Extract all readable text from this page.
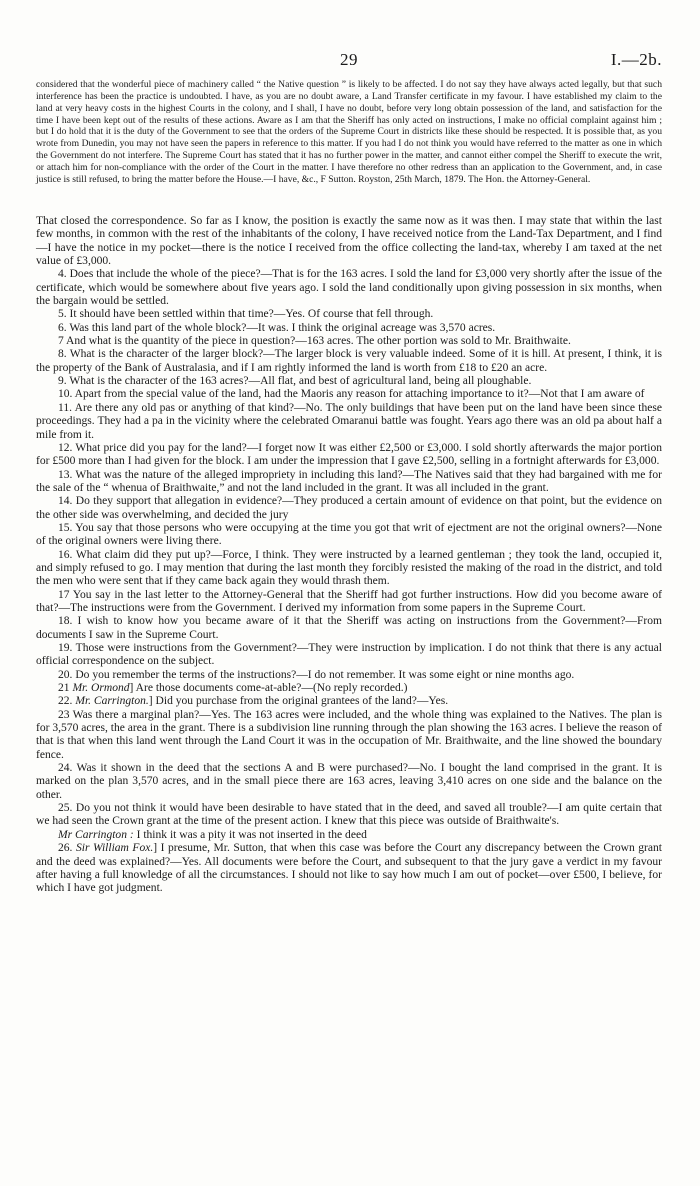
29	I.—2b.
considered that the wonderful piece of machinery called “ the Native question ” is likely to be affected. I do not say they have always acted legally, but that such interference has been the practice is undoubted. I have, as you are no doubt aware, a Land Transfer certificate in my favour. I have established my claim to the land at very heavy costs in the highest Courts in the colony, and I shall, I have no doubt, before very long obtain possession of the land, and satisfaction for the time I have been kept out of the results of these actions. Aware as I am that the Sheriff has only acted on instructions, I make no official complaint against him ; but I do hold that it is the duty of the Government to see that the orders of the Supreme Court in districts like these should be respected. It is possible that, as you wrote from Dunedin, you may not have seen the papers in reference to this matter. If you had I do not think you would have referred to the matter as one in which the Government do not interfere. The Supreme Court has stated that it has no further power in the matter, and cannot either compel the Sheriff to execute the writ, or attach him for non-compliance with the order of the Court in the matter. I have therefore no other redress than an application to the Government, and, in case justice is still refused, to bring the matter before the House.—I have, &c., F Sutton. Royston, 25th March, 1879. The Hon. the Attorney-General.

That closed the correspondence. So far as I know, the position is exactly the same now as it was then. I may state that within the last few months, in common with the rest of the inhabitants of the colony, I have received notice from the Land-Tax Department, and I find—I have the notice in my pocket—there is the notice I received from the office collecting the land-tax, whereby I am taxed at the net value of £3,000.

4. Does that include the whole of the piece?—That is for the 163 acres. I sold the land for £3,000 very shortly after the issue of the certificate, which would be somewhere about five years ago. I sold the land conditionally upon giving possession in six months, when the bargain would be settled.

5. It should have been settled within that time?—Yes. Of course that fell through.

6. Was this land part of the whole block?—It was. I think the original acreage was 3,570 acres.

7 And what is the quantity of the piece in question?—163 acres. The other portion was sold to Mr. Braithwaite.

8. What is the character of the larger block?—The larger block is very valuable indeed. Some of it is hill. At present, I think, it is the property of the Bank of Australasia, and if I am rightly informed the land is worth from £18 to £20 an acre.

9. What is the character of the 163 acres?—All flat, and best of agricultural land, being all ploughable.

10. Apart from the special value of the land, had the Maoris any reason for attaching importance to it?—Not that I am aware of

11. Are there any old pas or anything of that kind?—No. The only buildings that have been put on the land have been since these proceedings. They had a pa in the vicinity where the celebrated Omaranui battle was fought. Years ago there was an old pa about half a mile from it.

12. What price did you pay for the land?—I forget now It was either £2,500 or £3,000. I sold shortly afterwards the major portion for £500 more than I had given for the block. I am under the impression that I gave £2,500, selling in a fortnight afterwards for £3,000.

13. What was the nature of the alleged impropriety in including this land?—The Natives said that they had bargained with me for the sale of the “ whenua of Braithwaite,” and not the land included in the grant. It was all included in the grant.

14. Do they support that allegation in evidence?—They produced a certain amount of evidence on that point, but the evidence on the other side was overwhelming, and decided the jury

15. You say that those persons who were occupying at the time you got that writ of ejectment are not the original owners?—None of the original owners were living there.

16. What claim did they put up?—Force, I think. They were instructed by a learned gentleman ; they took the land, occupied it, and simply refused to go. I may mention that during the last month they forcibly resisted the making of the road in the district, and told the men who were sent that if they came back again they would thrash them.

17 You say in the last letter to the Attorney-General that the Sheriff had got further instructions. How did you become aware of that?—The instructions were from the Government. I derived my information from some papers in the Supreme Court.

18. I wish to know how you became aware of it that the Sheriff was acting on instructions from the Government?—From documents I saw in the Supreme Court.

19. Those were instructions from the Government?—They were instruction by implication. I do not think that there is any actual official correspondence on the subject.

20. Do you remember the terms of the instructions?—I do not remember. It was some eight or nine months ago.

21 Mr. Ormond] Are those documents come-at-able?—(No reply recorded.)

22. Mr. Carrington.] Did you purchase from the original grantees of the land?—Yes.

23 Was there a marginal plan?—Yes. The 163 acres were included, and the whole thing was explained to the Natives. The plan is for 3,570 acres, the area in the grant. There is a subdivision line running through the plan showing the 163 acres. I believe the reason of that is that when this land went through the Land Court it was in the occupation of Mr. Braithwaite, and the line showed the boundary fence.

24. Was it shown in the deed that the sections A and B were purchased?—No. I bought the land comprised in the grant. It is marked on the plan 3,570 acres, and in the small piece there are 163 acres, leaving 3,410 acres on one side and the balance on the other.

25. Do you not think it would have been desirable to have stated that in the deed, and saved all trouble?—I am quite certain that we had seen the Crown grant at the time of the present action. I knew that this piece was outside of Braithwaite's.

Mr Carrington : I think it was a pity it was not inserted in the deed

26. Sir William Fox.] I presume, Mr. Sutton, that when this case was before the Court any discrepancy between the Crown grant and the deed was explained?—Yes. All documents were before the Court, and subsequent to that the jury gave a verdict in my favour after having a full knowledge of all the circumstances. I should not like to say how much I am out of pocket—over £500, I believe, for which I have got judgment.
